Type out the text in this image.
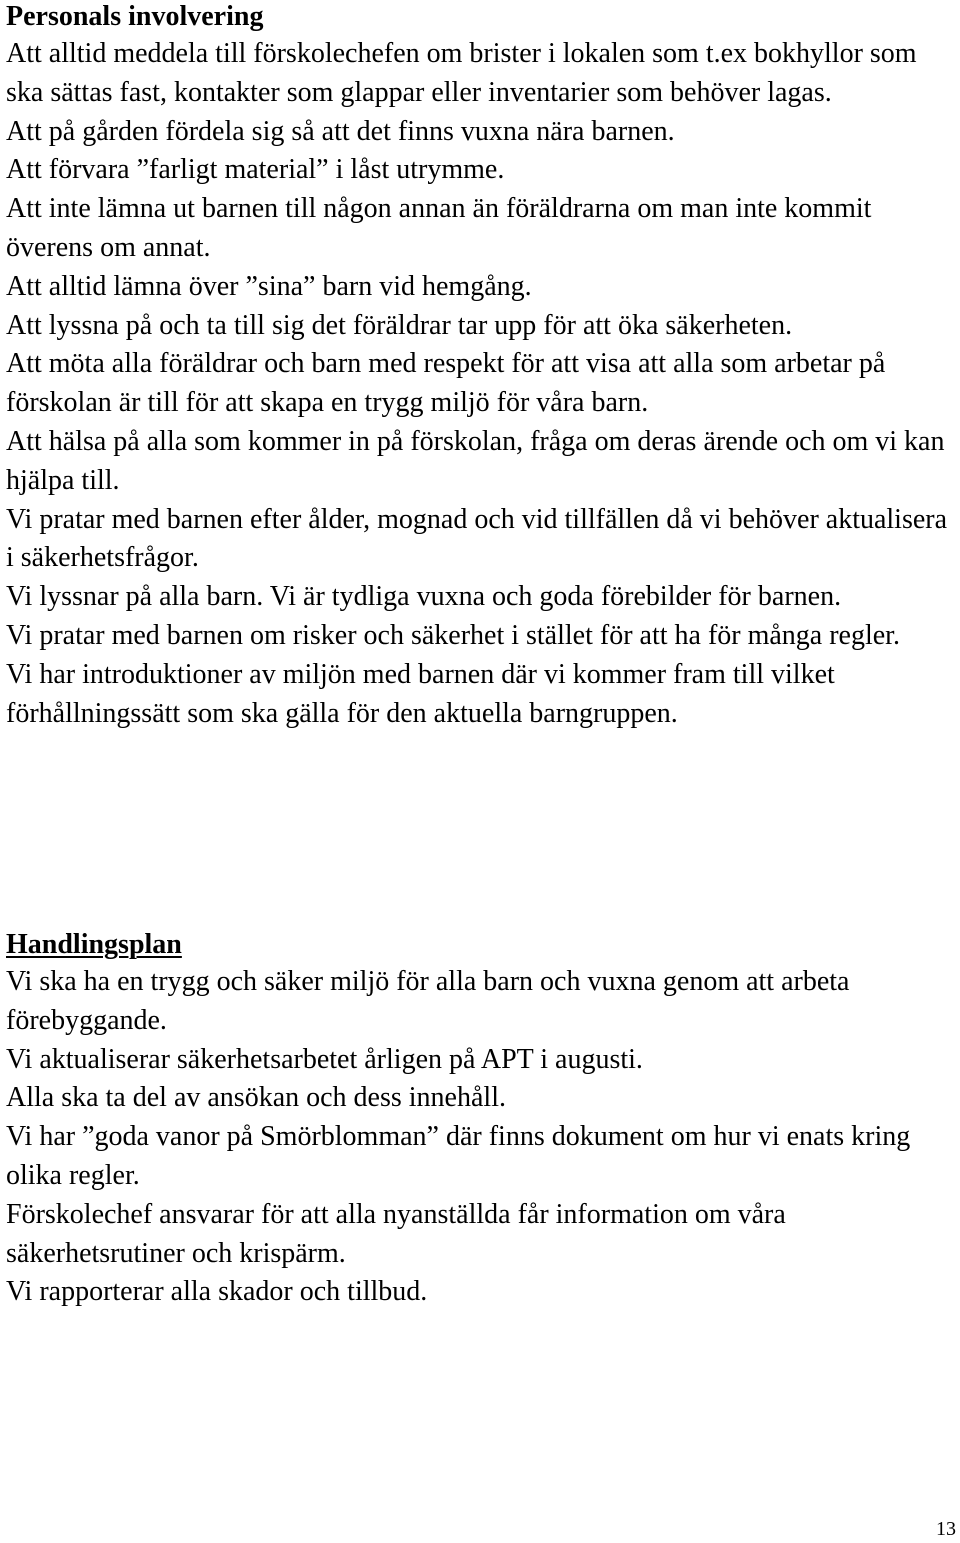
Personals involvering

Att alltid meddela till förskolechefen om brister i lokalen som t.ex bokhyllor som ska sättas fast, kontakter som glappar eller inventarier som behöver lagas.

Att på gården fördela sig så att det finns vuxna nära barnen.

Att förvara ”farligt material” i låst utrymme.

Att inte lämna ut barnen till någon annan än föräldrarna om man inte kommit överens om annat.

Att alltid lämna över ”sina” barn vid hemgång.

Att lyssna på och ta till sig det föräldrar tar upp för att öka säkerheten.

Att möta alla föräldrar och barn med respekt för att visa att alla som arbetar på förskolan är till för att skapa en trygg miljö för våra barn.

Att hälsa på alla som kommer in på förskolan, fråga om deras ärende och om vi kan hjälpa till.

Vi pratar med barnen efter ålder, mognad och vid tillfällen då vi behöver aktualisera i säkerhetsfrågor.

Vi lyssnar på alla barn. Vi är tydliga vuxna och goda förebilder för barnen.

Vi pratar med barnen om risker och säkerhet i stället för att ha för många regler.

Vi har introduktioner av miljön med barnen där vi kommer fram till vilket förhållningssätt som ska gälla för den aktuella barngruppen.

Handlingsplan

Vi ska ha en trygg och säker miljö för alla barn och vuxna genom att arbeta förebyggande.

Vi aktualiserar säkerhetsarbetet årligen på APT i augusti.

Alla ska ta del av ansökan och dess innehåll.

Vi har ”goda vanor på Smörblomman” där finns dokument om hur vi enats kring olika regler.

Förskolechef ansvarar för att alla nyanställda får information om våra säkerhetsrutiner och krispärm.

Vi rapporterar alla skador och tillbud.

13
